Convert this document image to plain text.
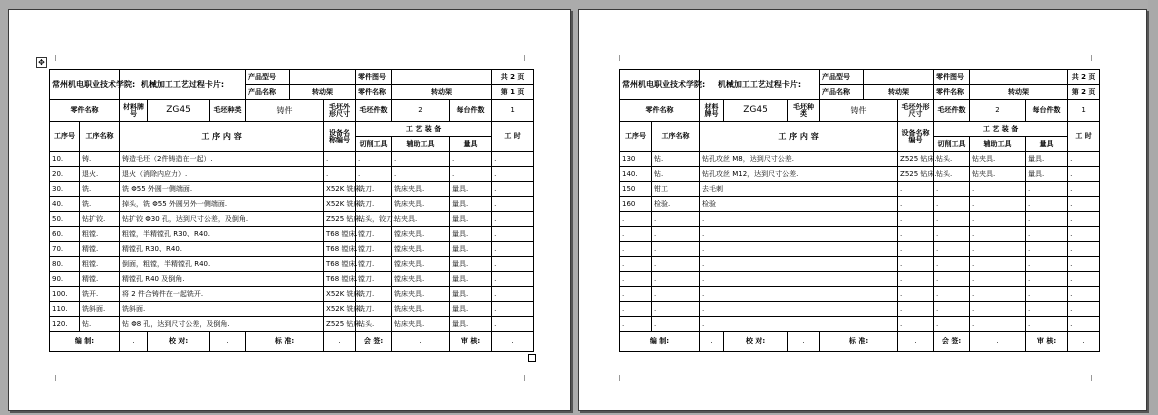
✥
常州机电职业技术学院:		机械加工工艺过程卡片:			产品型号			零件图号			共 2 页
					产品名称	转动架		零件名称	转动架		第 1 页
零件名称		材料牌号	ZG45	毛坯种类	铸件		毛坯外形尺寸	毛坯件数	2	每台件数	1
工序号	工序名称	工 序 内 容					设备名称编号	工 艺 装 备			工 时
								切削工具	辅助工具	量具	
10.	铸.	铸造毛坯（2件铸造在一起）.					.	.	.	.	.
20.	退火.	退火（消除内应力）.					.	.	.	.	.
30.	铣.	铣 Φ55 外圆一侧端面.					X52K 铣床.	铣刀.	铣床夹具.	量具.	.
40.	铣.	掉头，铣 Φ55 外圆另外一侧端面.					X52K 铣床.	铣刀.	铣床夹具.	量具.	.
50.	钻扩铰.	钻扩铰 Φ30 孔，达到尺寸公差，及倒角.					Z525 钻床.	钻头，铰刀.	钻夹具.	量具.	.
60.	粗镗.	粗镗，半精镗孔 R30、R40.					T68 镗床.	镗刀.	镗床夹具.	量具.	.
70.	精镗.	精镗孔 R30、R40.					T68 镗床.	镗刀.	镗床夹具.	量具.	.
80.	粗镗.	倒面，粗镗，半精镗孔 R40.					T68 镗床.	镗刀.	镗床夹具.	量具.	.
90.	精镗.	精镗孔 R40 及倒角.					T68 镗床.	镗刀.	镗床夹具.	量具.	.
100.	铣开.	将 2 件合铸件在一起铣开.					X52K 铣床.	铣刀.	铣床夹具.	量具.	.
110.	铣斜面.	铣斜面.					X52K 铣床.	铣刀.	铣床夹具.	量具.	.
120.	钻.	钻 Φ8 孔，达到尺寸公差，及倒角.					Z525 钻床.	钻头.	钻床夹具.	量具.	.
编 制:		.	校 对:	.	标 准:		.	会 签:	.	审 核:	.
常州机电职业技术学院:		机械加工工艺过程卡片:			产品型号			零件图号			共 2 页
					产品名称	转动架		零件名称	转动架		第 2 页
零件名称		材料牌号	ZG45	毛坯种类	铸件		毛坯外形尺寸	毛坯件数	2	每台件数	1
工序号	工序名称	工 序 内 容					设备名称编号	工 艺 装 备			工 时
								切削工具	辅助工具	量具	
130	钻.	钻孔攻丝 M8，达到尺寸公差.					Z525 钻床.	钻头.	钻夹具.	量具.	.
140.	钻.	钻孔攻丝 M12，达到尺寸公差.					Z525 钻床.	钻头.	钻夹具.	量具.	.
150	钳工	去毛刺					.	.	.	.	.
160	检验.	检验					.	.	.	.	.
.	.	.					.	.	.	.	.
.	.	.					.	.	.	.	.
.	.	.					.	.	.	.	.
.	.	.					.	.	.	.	.
.	.	.					.	.	.	.	.
.	.	.					.	.	.	.	.
.	.	.					.	.	.	.	.
.	.	.					.	.	.	.	.
编 制:		.	校 对:	.	标 准:		.	会 签:	.	审 核:	.
